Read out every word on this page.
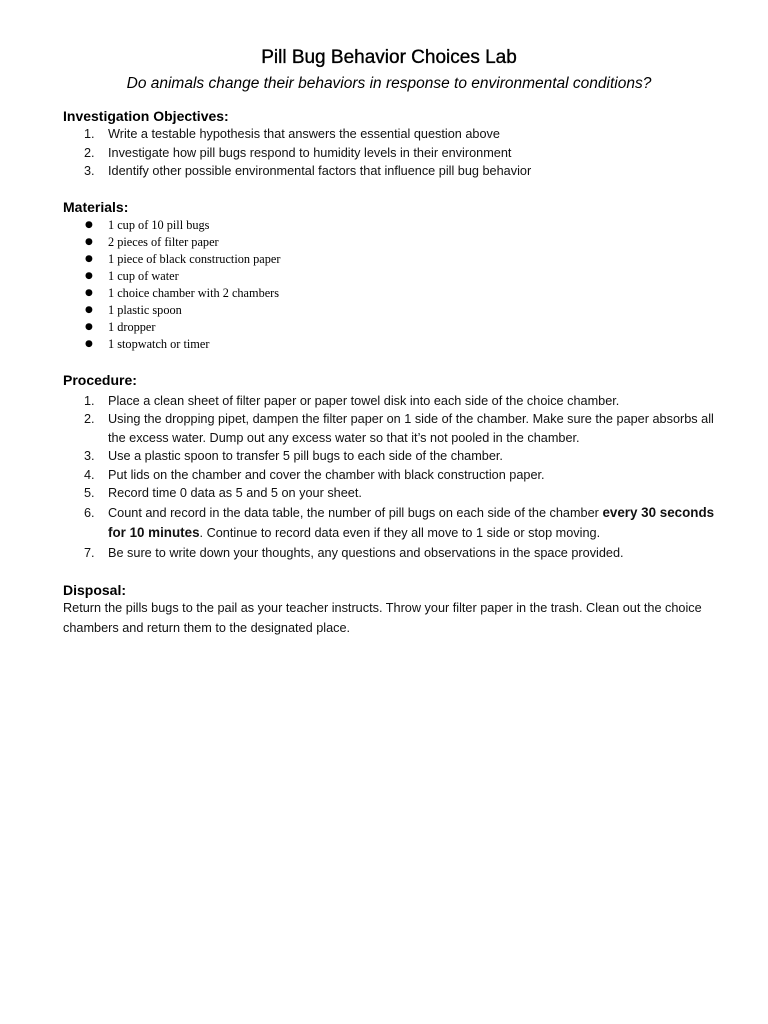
Pill Bug Behavior Choices Lab

Do animals change their behaviors in response to environmental conditions?

Investigation Objectives:
1. Write a testable hypothesis that answers the essential question above
2. Investigate how pill bugs respond to humidity levels in their environment
3. Identify other possible environmental factors that influence pill bug behavior
Materials:
● 1 cup of 10 pill bugs
● 2 pieces of filter paper
● 1 piece of black construction paper
● 1 cup of water
● 1 choice chamber with 2 chambers
● 1 plastic spoon
● 1 dropper
● 1 stopwatch or timer
Procedure:
1. Place a clean sheet of filter paper or paper towel disk into each side of the choice chamber.
2. Using the dropping pipet, dampen the filter paper on 1 side of the chamber. Make sure the paper absorbs all the excess water. Dump out any excess water so that it’s not pooled in the chamber.
3. Use a plastic spoon to transfer 5 pill bugs to each side of the chamber.
4. Put lids on the chamber and cover the chamber with black construction paper.
5. Record time 0 data as 5 and 5 on your sheet.
6. Count and record in the data table, the number of pill bugs on each side of the chamber every 30 seconds for 10 minutes. Continue to record data even if they all move to 1 side or stop moving.
7. Be sure to write down your thoughts, any questions and observations in the space provided.
Disposal:

Return the pills bugs to the pail as your teacher instructs. Throw your filter paper in the trash. Clean out the choice chambers and return them to the designated place.
